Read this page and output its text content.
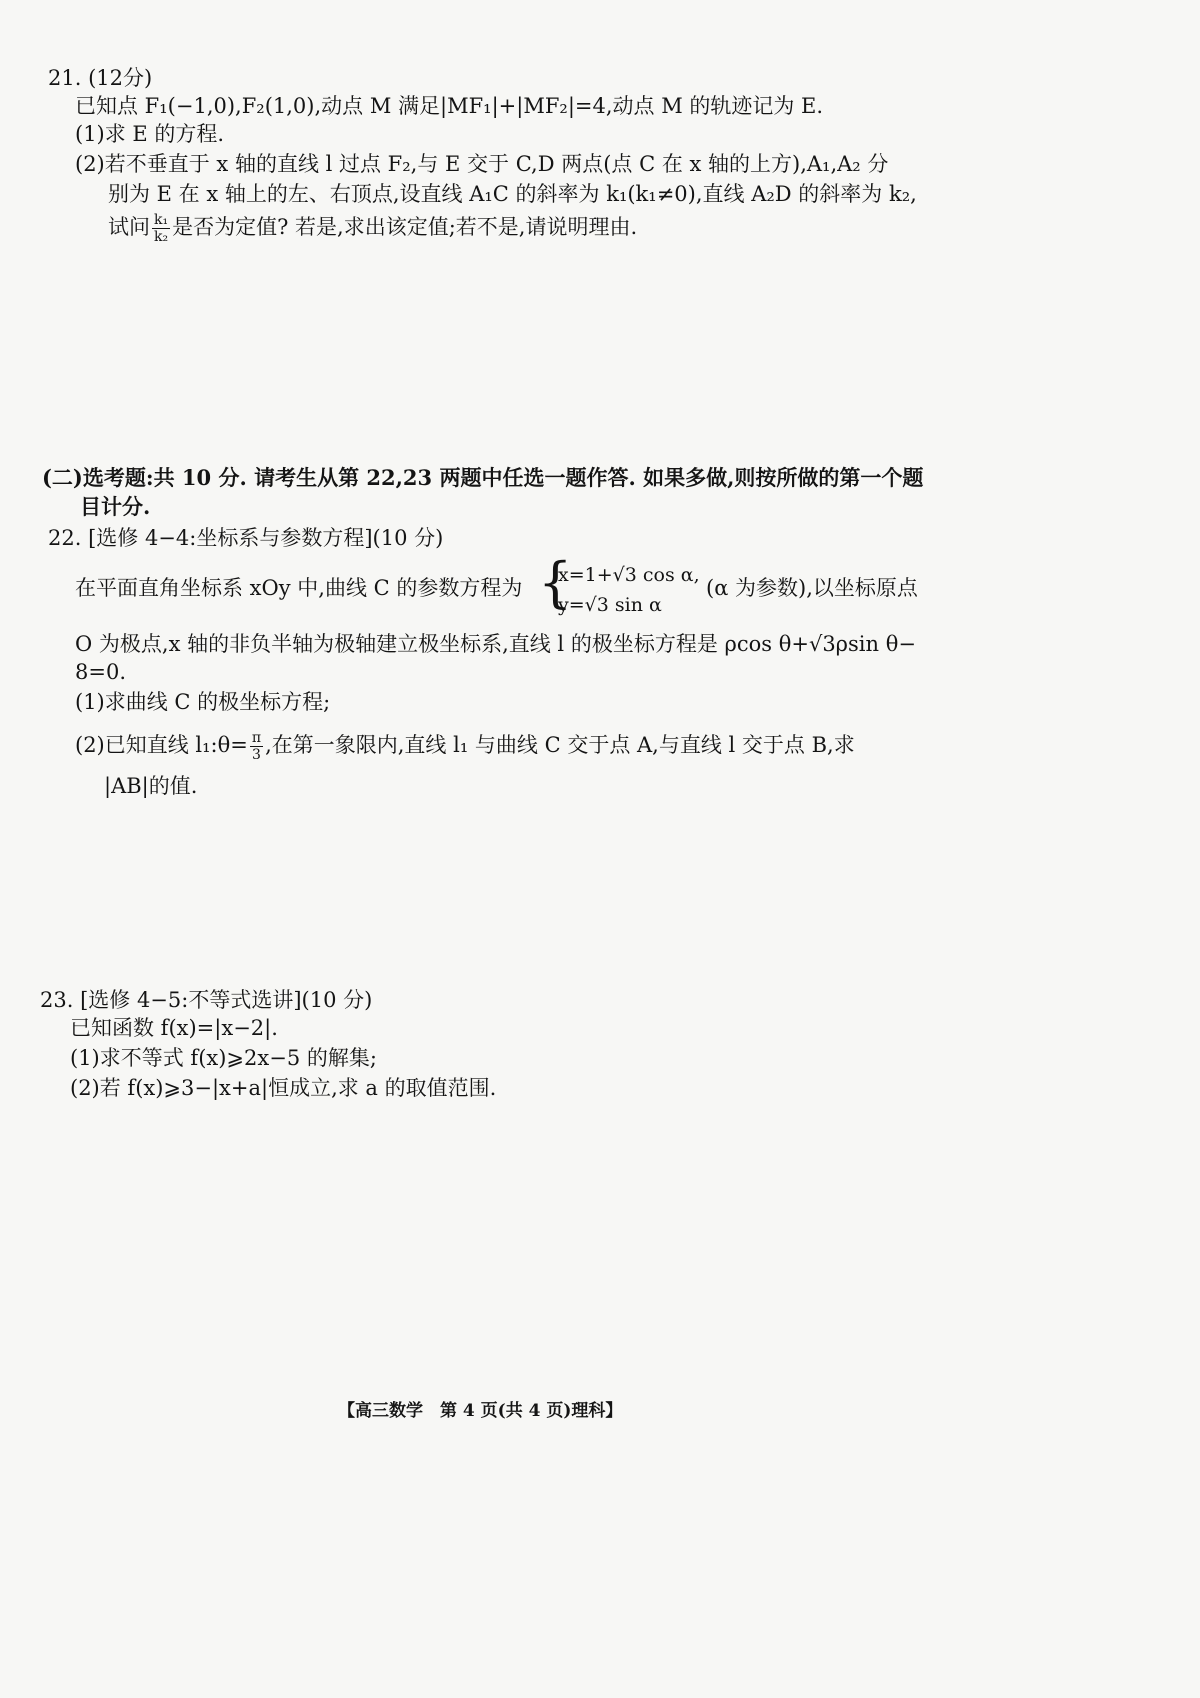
21. (12分)
已知点 F₁(−1,0),F₂(1,0),动点 M 满足|MF₁|+|MF₂|=4,动点 M 的轨迹记为 E.
(1)求 E 的方程.
(2)若不垂直于 x 轴的直线 l 过点 F₂,与 E 交于 C,D 两点(点 C 在 x 轴的上方),A₁,A₂ 分
别为 E 在 x 轴上的左、右顶点,设直线 A₁C 的斜率为 k₁(k₁≠0),直线 A₂D 的斜率为 k₂,
试问 $\frac{\text{k₁}}{\text{k₂}}$ 是否为定值? 若是,求出该定值;若不是,请说明理由.
(二)选考题:共 10 分. 请考生从第 22,23 两题中任选一题作答. 如果多做,则按所做的第一个题
目计分.
22. [选修 4−4:坐标系与参数方程](10 分)
在平面直角坐标系 xOy 中,曲线 C 的参数方程为 {
x=1+√3 cos α,
y=√3 sin α
(α 为参数),以坐标原点
O 为极点,x 轴的非负半轴为极轴建立极坐标系,直线 l 的极坐标方程是 ρcos θ+√3ρsin θ−
8=0.
(1)求曲线 C 的极坐标方程;
(2)已知直线 l₁:θ= $\frac{\pi}{3}$ ,在第一象限内,直线 l₁ 与曲线 C 交于点 A,与直线 l 交于点 B,求
|AB|的值.
23. [选修 4−5:不等式选讲](10 分)
已知函数 f(x)=|x−2|.
(1)求不等式 f(x)⩾2x−5 的解集;
(2)若 f(x)⩾3−|x+a|恒成立,求 a 的取值范围.
【高三数学　第 4 页(共 4 页)理科】
